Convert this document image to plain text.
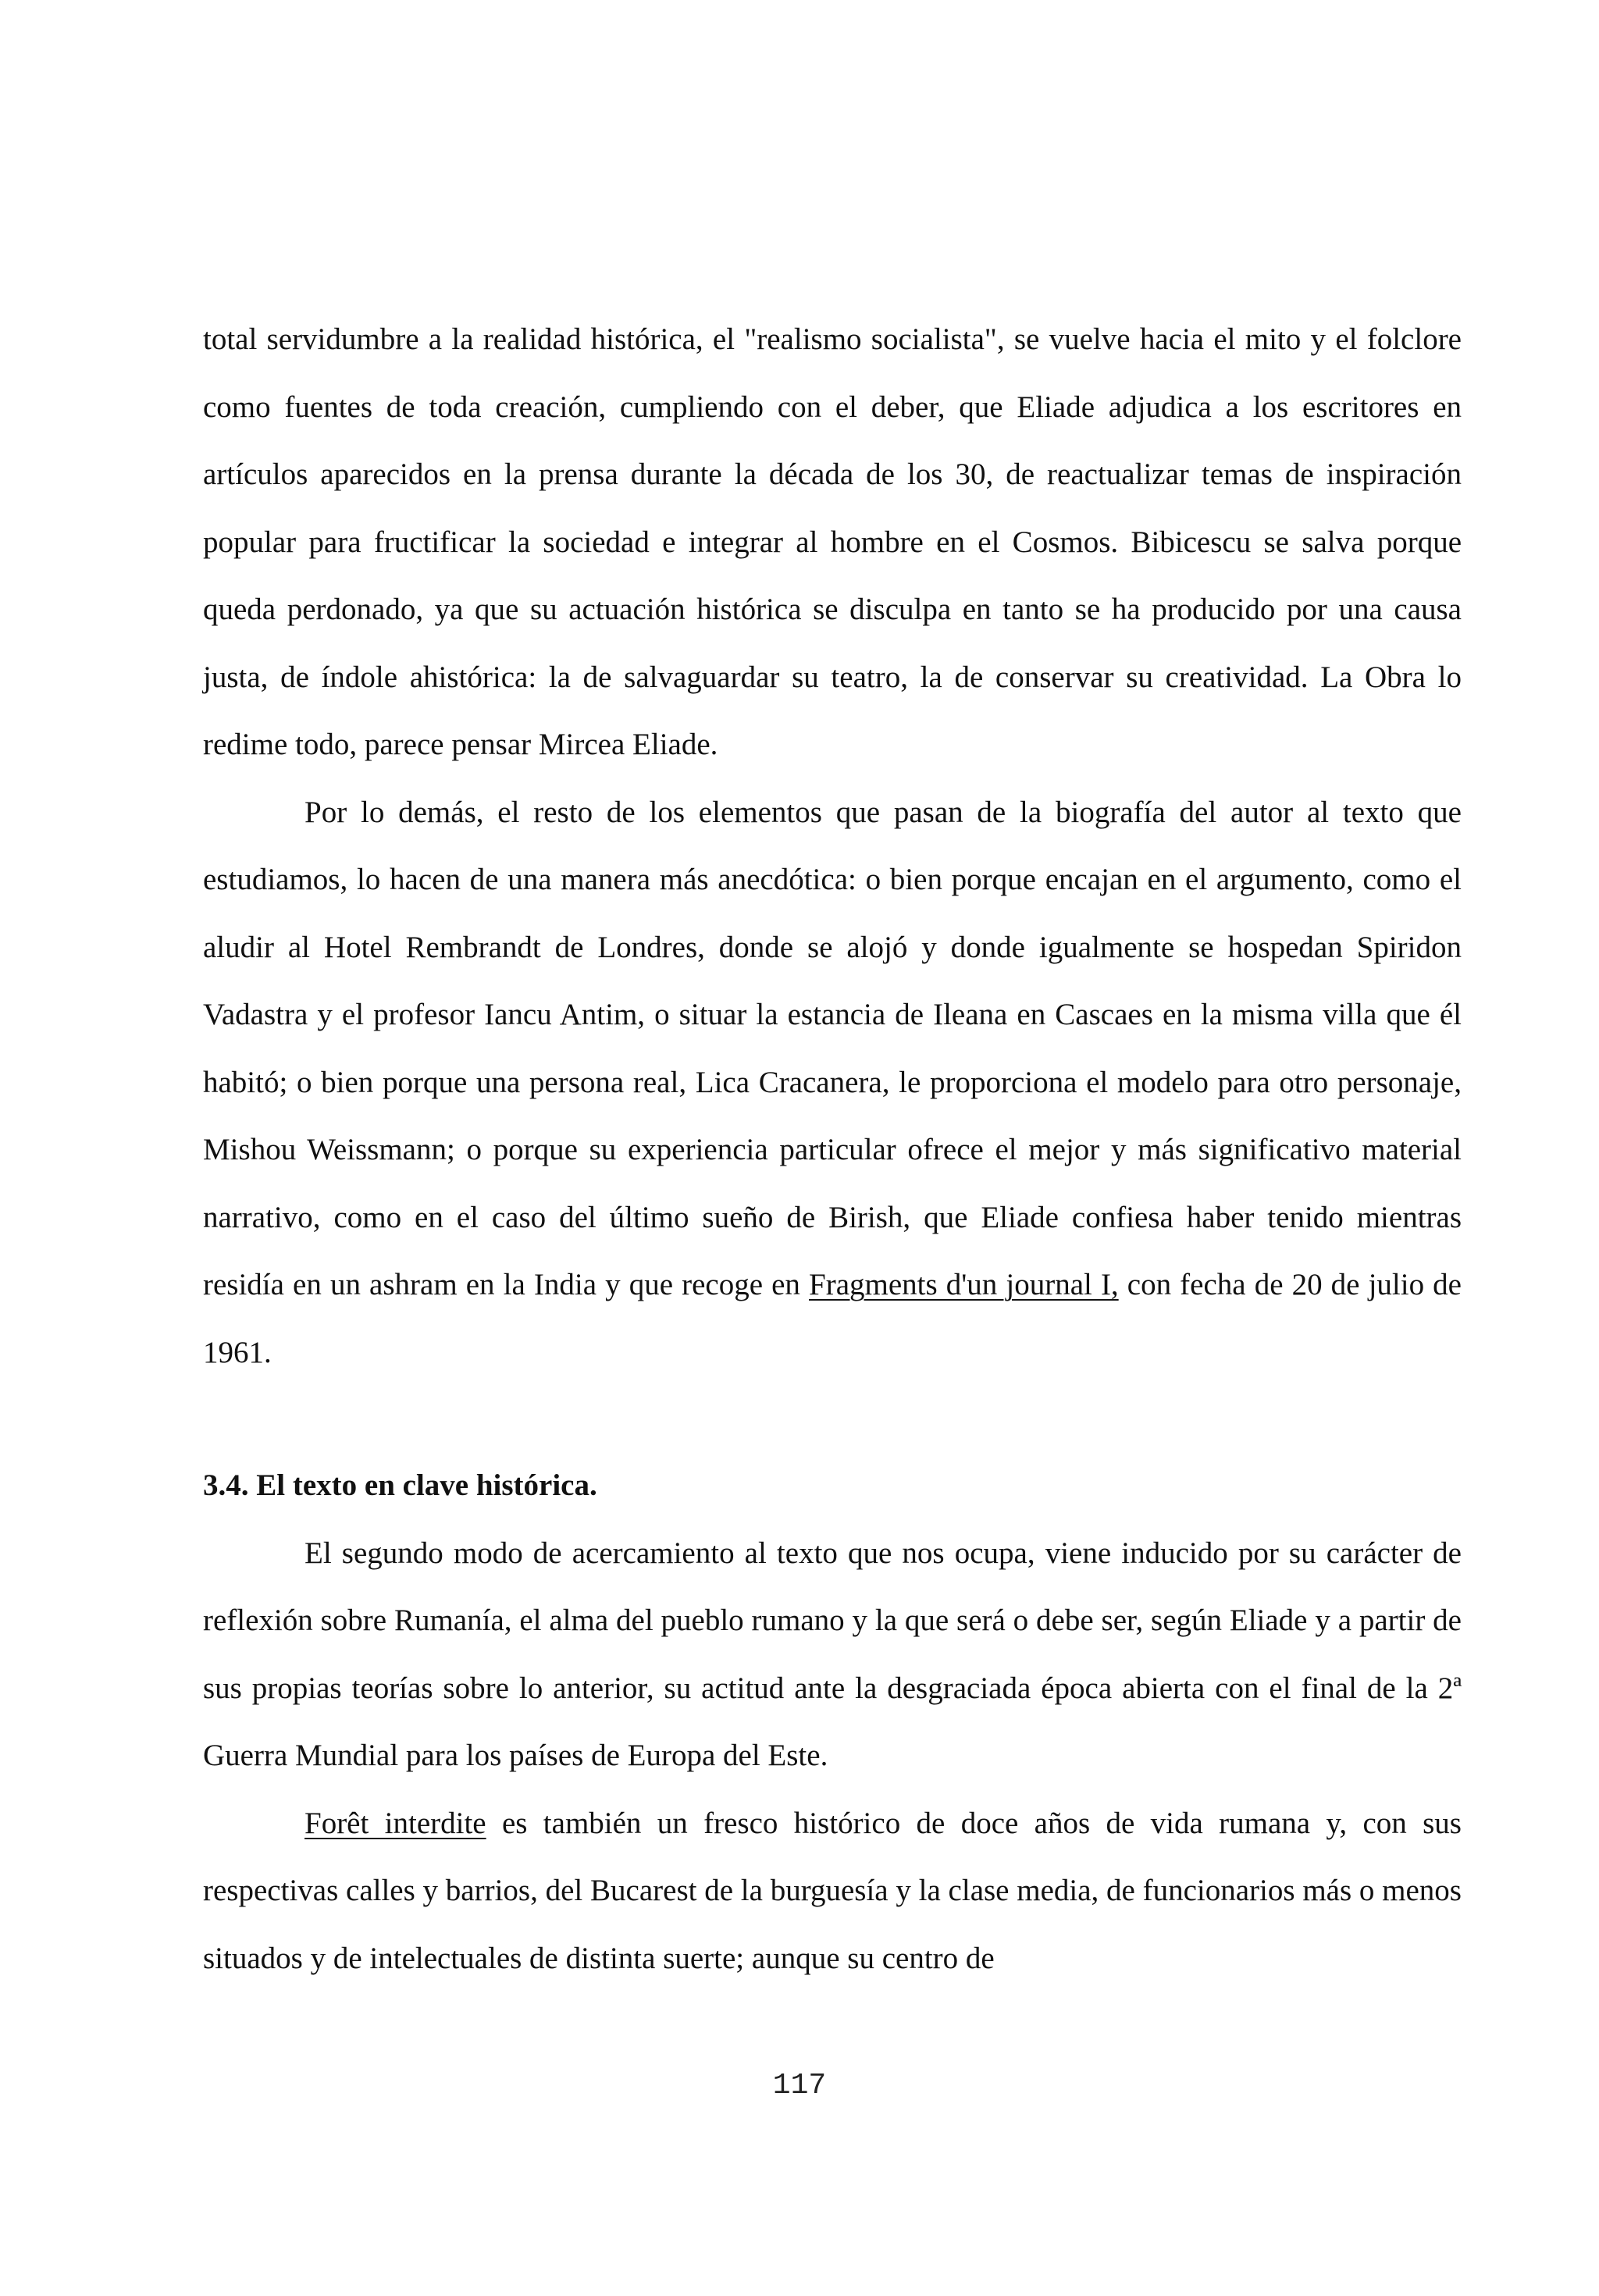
total servidumbre a la realidad histórica, el "realismo socialista", se vuelve hacia el mito y el folclore como fuentes de toda creación, cumpliendo con el deber, que Eliade adjudica a los escritores en artículos aparecidos en la prensa durante la década de los 30, de reactualizar temas de inspiración popular para fructificar la sociedad e integrar al hombre en el Cosmos. Bibicescu se salva porque queda perdonado, ya que su actuación histórica se disculpa en tanto se ha producido por una causa justa, de índole ahistórica: la de salvaguardar su teatro, la de conservar su creatividad. La Obra lo redime todo, parece pensar Mircea Eliade.

Por lo demás, el resto de los elementos que pasan de la biografía del autor al texto que estudiamos, lo hacen de una manera más anecdótica: o bien porque encajan en el argumento, como el aludir al Hotel Rembrandt de Londres, donde se alojó y donde igualmente se hospedan Spiridon Vadastra y el profesor Iancu Antim, o situar la estancia de Ileana en Cascaes en la misma villa que él habitó; o bien porque una persona real, Lica Cracanera, le proporciona el modelo para otro personaje, Mishou Weissmann; o porque su experiencia particular ofrece el mejor y más significativo material narrativo, como en el caso del último sueño de Birish, que Eliade confiesa haber tenido mientras residía en un ashram en la India y que recoge en Fragments d'un journal I, con fecha de 20 de julio de 1961.

3.4. El texto en clave histórica.

El segundo modo de acercamiento al texto que nos ocupa, viene inducido por su carácter de reflexión sobre Rumanía, el alma del pueblo rumano y la que será o debe ser, según Eliade y a partir de sus propias teorías sobre lo anterior, su actitud ante la desgraciada época abierta con el final de la 2ª Guerra Mundial para los países de Europa del Este.

Forêt interdite es también un fresco histórico de doce años de vida rumana y, con sus respectivas calles y barrios, del Bucarest de la burguesía y la clase media, de funcionarios más o menos situados y de intelectuales de distinta suerte; aunque su centro de

117
